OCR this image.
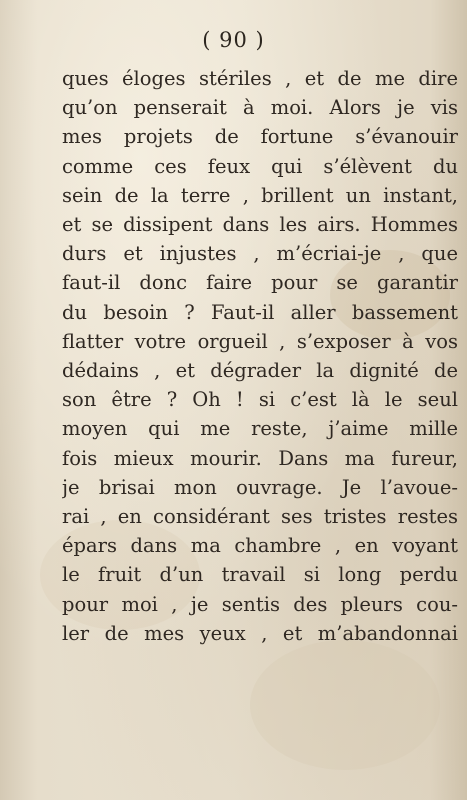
( 90 )
ques éloges stériles , et de me dire
qu’on penserait à moi. Alors je vis
mes projets de fortune s’évanouir
comme ces feux qui s’élèvent du
sein de la terre , brillent un instant,
et se dissipent dans les airs. Hommes
durs et injustes , m’écriai-je , que
faut-il donc faire pour se garantir
du besoin ? Faut-il aller bassement
flatter votre orgueil , s’exposer à vos
dédains , et dégrader la dignité de
son être ? Oh ! si c’est là le seul
moyen qui me reste, j’aime mille
fois mieux mourir. Dans ma fureur,
je brisai mon ouvrage. Je l’avoue-
rai , en considérant ses tristes restes
épars dans ma chambre , en voyant
le fruit d’un travail si long perdu
pour moi , je sentis des pleurs cou-
ler de mes yeux , et m’abandonnai
